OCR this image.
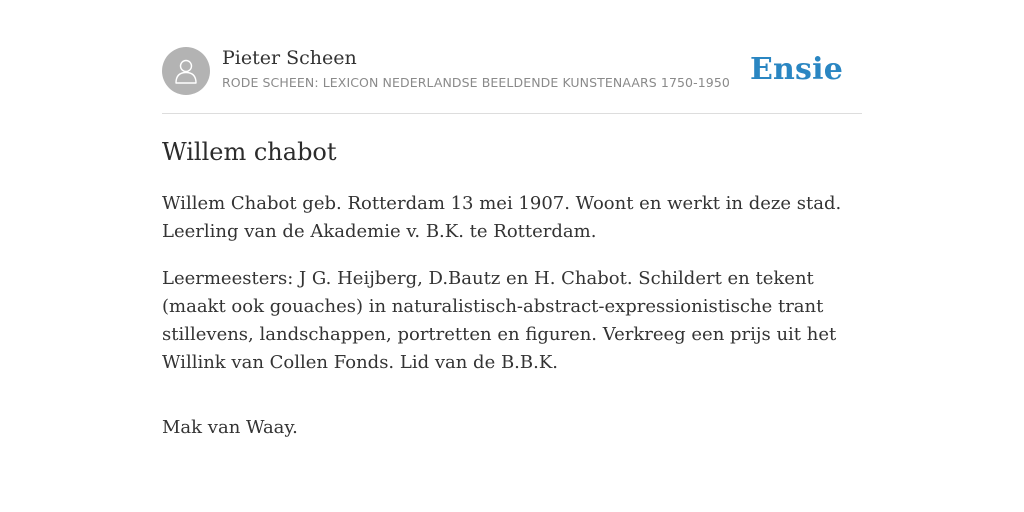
Pieter Scheen
RODE SCHEEN: LEXICON NEDERLANDSE BEELDENDE KUNSTENAARS 1750-1950 Ensie
Willem chabot

Willem Chabot geb. Rotterdam 13 mei 1907. Woont en werkt in deze stad. Leerling van de Akademie v. B.K. te Rotterdam.

Leermeesters: J G. Heijberg, D.Bautz en H. Chabot. Schildert en tekent (maakt ook gouaches) in naturalistisch-abstract-expressionistische trant stillevens, landschappen, portretten en figuren. Verkreeg een prijs uit het Willink van Collen Fonds. Lid van de B.B.K.

Mak van Waay.
